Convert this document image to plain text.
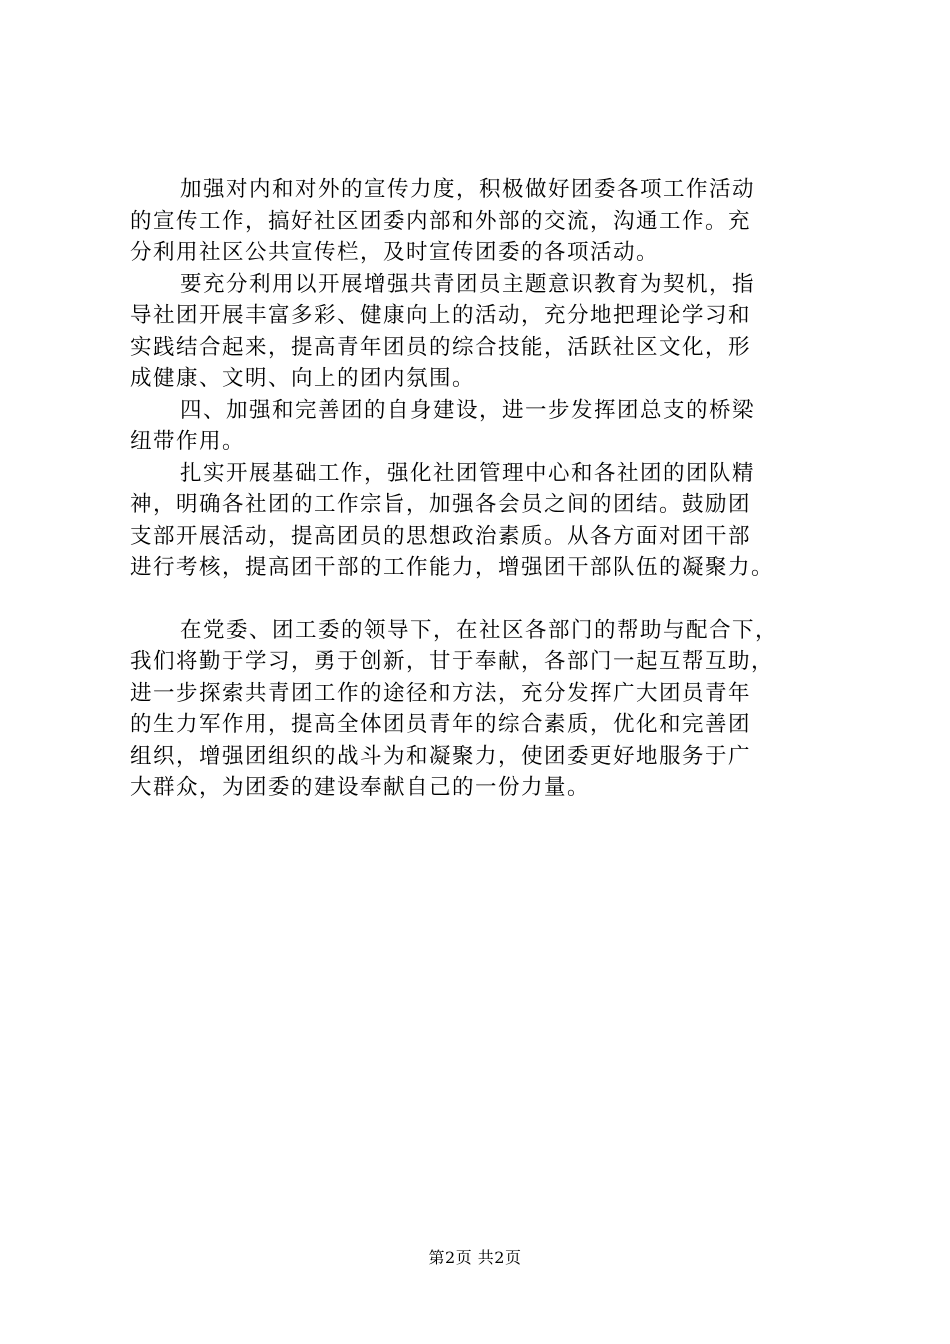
加强对内和对外的宣传力度，积极做好团委各项工作活动
的宣传工作，搞好社区团委内部和外部的交流，沟通工作。充
分利用社区公共宣传栏，及时宣传团委的各项活动。
要充分利用以开展增强共青团员主题意识教育为契机，指
导社团开展丰富多彩、健康向上的活动，充分地把理论学习和
实践结合起来，提高青年团员的综合技能，活跃社区文化，形
成健康、文明、向上的团内氛围。
四、加强和完善团的自身建设，进一步发挥团总支的桥梁
纽带作用。
扎实开展基础工作，强化社团管理中心和各社团的团队精
神，明确各社团的工作宗旨，加强各会员之间的团结。鼓励团
支部开展活动，提高团员的思想政治素质。从各方面对团干部
进行考核，提高团干部的工作能力，增强团干部队伍的凝聚力。
在党委、团工委的领导下，在社区各部门的帮助与配合下，
我们将勤于学习，勇于创新，甘于奉献，各部门一起互帮互助，
进一步探索共青团工作的途径和方法，充分发挥广大团员青年
的生力军作用，提高全体团员青年的综合素质，优化和完善团
组织，增强团组织的战斗为和凝聚力，使团委更好地服务于广
大群众，为团委的建设奉献自己的一份力量。
第2页 共2页
